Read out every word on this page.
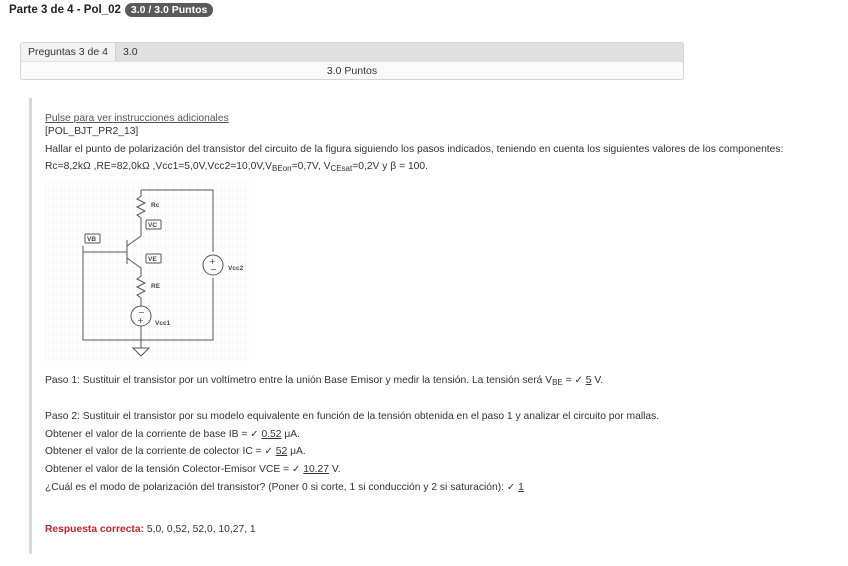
Parte 3 de 4 - Pol_02 3.0 / 3.0 Puntos
Preguntas 3 de 4	3.0
3.0 Puntos
Pulse para ver instrucciones adicionales
[POL_BJT_PR2_13]
Hallar el punto de polarización del transistor del circuito de la figura siguiendo los pasos indicados, teniendo en cuenta los siguientes valores de los componentes:
Rc=8,2kΩ ,RE=82,0kΩ $,Vcc1=5,0V,Vcc2=10,0V,V_{BEon}=0,7V$, $V_{CEsat}=0,2V$ y β = 100.
Rc
VC
VB
VE
RE
Vcc2
Vcc1
+
−
−
+
Paso 1: Sustituir el transistor por un voltímetro entre la unión Base Emisor y medir la tensión. La tensión será $V_{BE}$ = ✓ 5 V.
Paso 2: Sustituir el transistor por su modelo equivalente en función de la tensión obtenida en el paso 1 y analizar el circuito por mallas.
Obtener el valor de la corriente de base IB = ✓ 0.52 μA.
Obtener el valor de la corriente de colector IC = ✓ 52 μA.
Obtener el valor de la tensión Colector-Emisor VCE = ✓ 10.27 V.
¿Cuál es el modo de polarización del transistor? (Poner 0 si corte, 1 si conducción y 2 si saturación): ✓ 1
Respuesta correcta: 5,0, 0,52, 52,0, 10,27, 1
